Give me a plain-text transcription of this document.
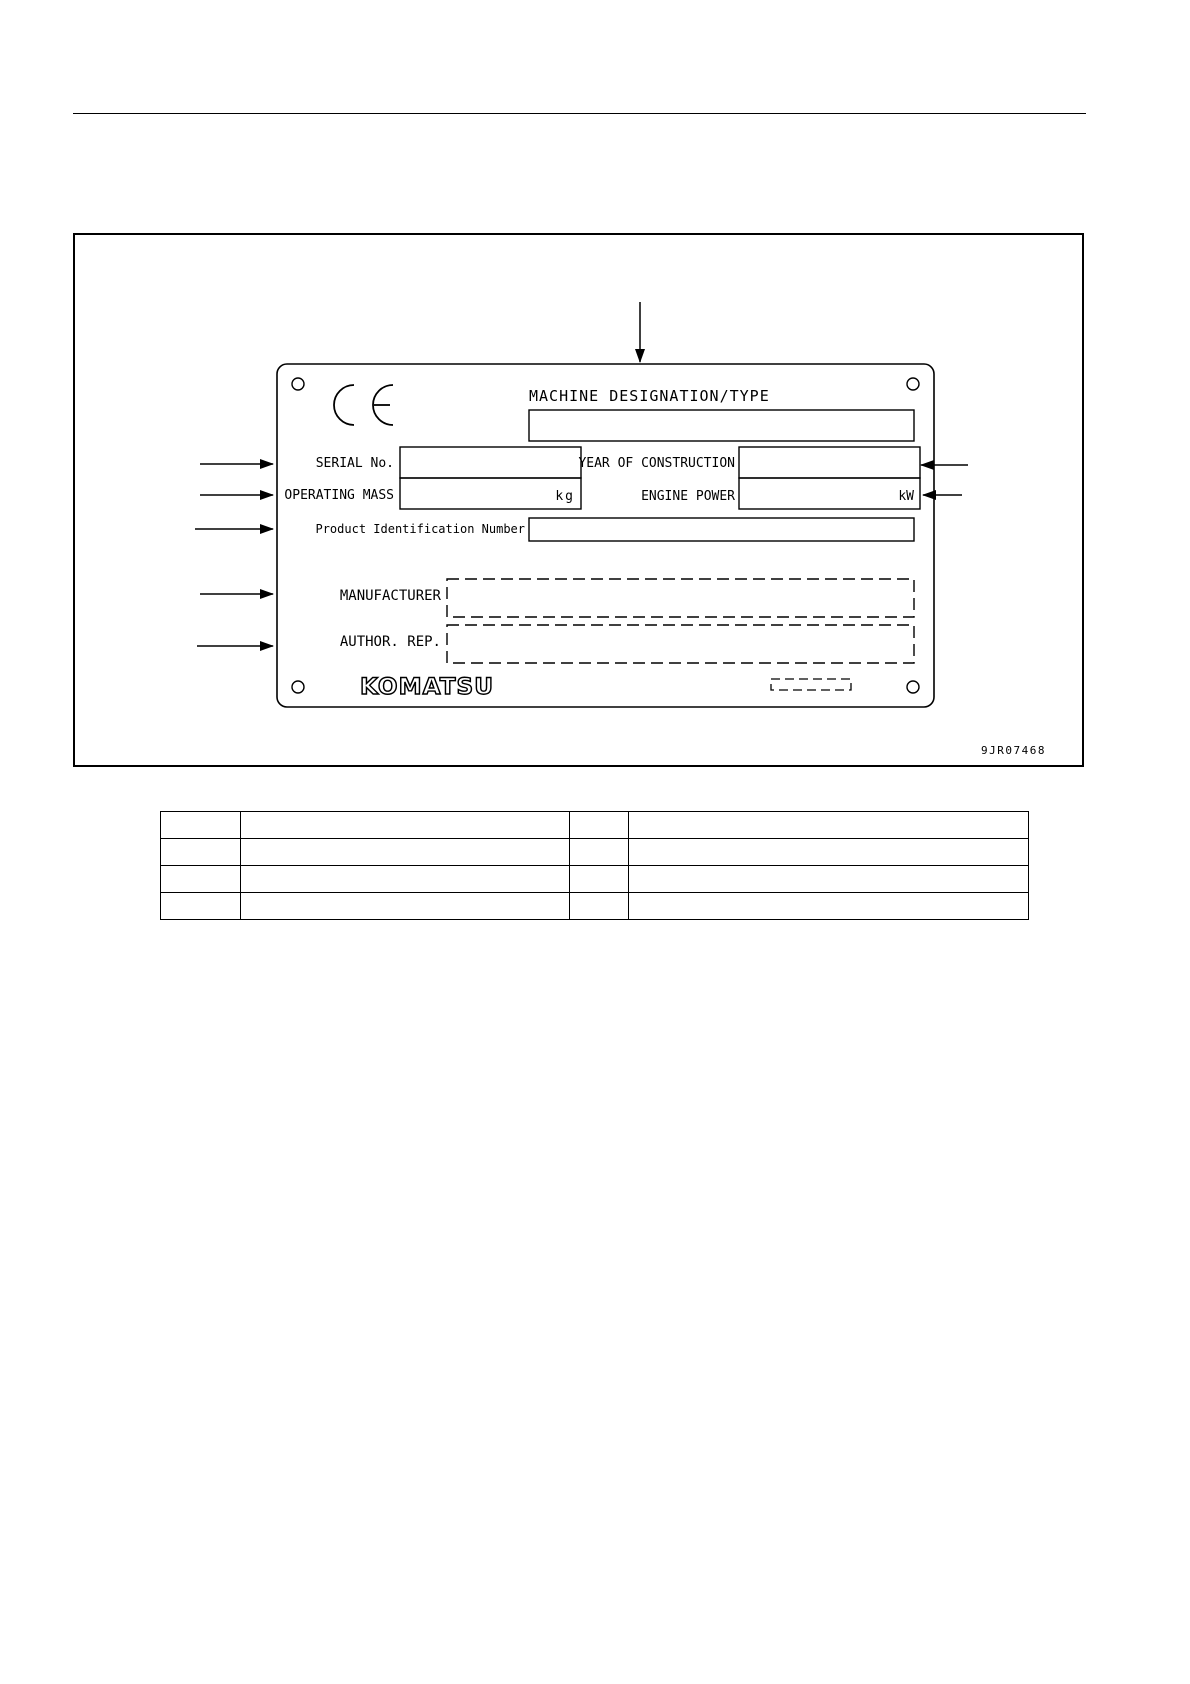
MACHINE DESIGNATION/TYPE
SERIAL No.	YEAR OF CONSTRUCTION
OPERATING MASS	kg	ENGINE POWER	kW
Product Identification Number
MANUFACTURER
AUTHOR. REP.
KOMATSU
9JR07468
